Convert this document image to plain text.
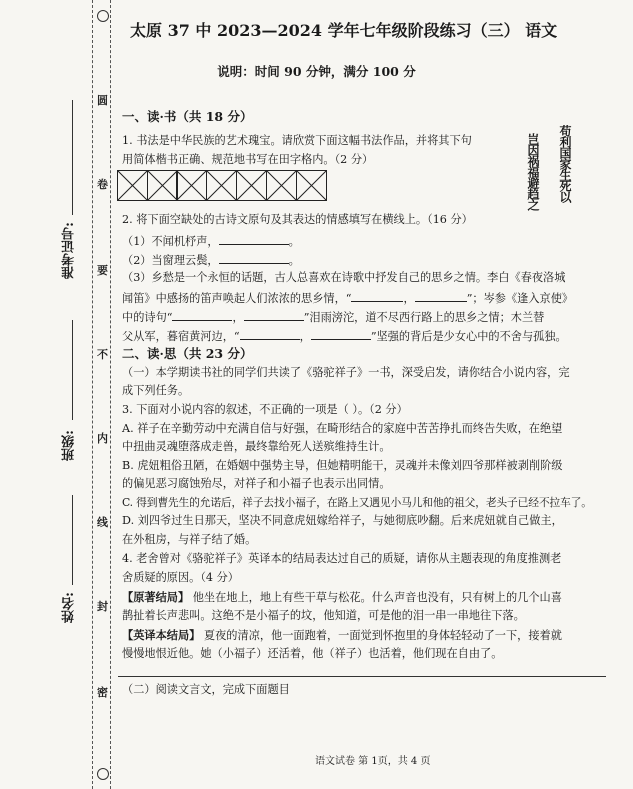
圆
卷
要
不
内
线
封
密
准考证号:
班级:
姓名:
太原 37 中 2023—2024 学年七年级阶段练习（三） 语文
说明：时间 90 分钟，满分 100 分
一、读·书（共 18 分）
1. 书法是中华民族的艺术瑰宝。请欣赏下面这幅书法作品，并将其下句
用简体楷书正确、规范地书写在田字格内。（2 分）	苟利国家生死以
岂因祸福避趋之
2. 将下面空缺处的古诗文原句及其表达的情感填写在横线上。（16 分）
（1）不闻机杼声，	。
（2）当窗理云鬓，	。
（3）乡愁是一个永恒的话题，古人总喜欢在诗歌中抒发自己的思乡之情。李白《春夜洛城
闻笛》中感扬的笛声唤起人们浓浓的思乡情，“	，	”；岑参《逢入京使》
中的诗句“	，	”泪雨滂沱，道不尽西行路上的思乡之情；木兰替
父从军，暮宿黄河边，“	，	”坚强的背后是少女心中的不舍与孤独。
二、读·思（共 23 分）
（一）本学期读书社的同学们共读了《骆驼祥子》一书，深受启发，请你结合小说内容，完
成下列任务。
3. 下面对小说内容的叙述，不正确的一项是（ ）。（2 分）
A. 祥子在辛勤劳动中充满自信与好强，在畸形结合的家庭中苦苦挣扎而终告失败，在绝望
中扭曲灵魂堕落成走兽，最终靠给死人送殡维持生计。
B. 虎妞粗俗丑陋，在婚姻中强势主导，但她精明能干，灵魂并未像刘四爷那样被剥削阶级
的偏见恶习腐蚀殆尽，对祥子和小福子也表示出同情。
C. 得到曹先生的允诺后，祥子去找小福子，在路上又遇见小马儿和他的祖父，老头子已经不拉车了。
D. 刘四爷过生日那天，坚决不同意虎妞嫁给祥子，与她彻底吵翻。后来虎妞就自己做主，
在外租房，与祥子结了婚。
4. 老舍曾对《骆驼祥子》英译本的结局表达过自己的质疑，请你从主题表现的角度推测老
舍质疑的原因。（4 分）
【原著结局】 他坐在地上，地上有些干草与松花。什么声音也没有，只有树上的几个山喜
鹊扯着长声悲叫。这绝不是小福子的坟，他知道，可是他的泪一串一串地往下落。
【英译本结局】 夏夜的清凉，他一面跑着，一面觉到怀抱里的身体轻轻动了一下，接着就
慢慢地恨近他。她（小福子）还活着，他（祥子）也活着，他们现在自由了。
（二）阅读文言文，完成下面题目
语文试卷 第 1页，共 4 页
